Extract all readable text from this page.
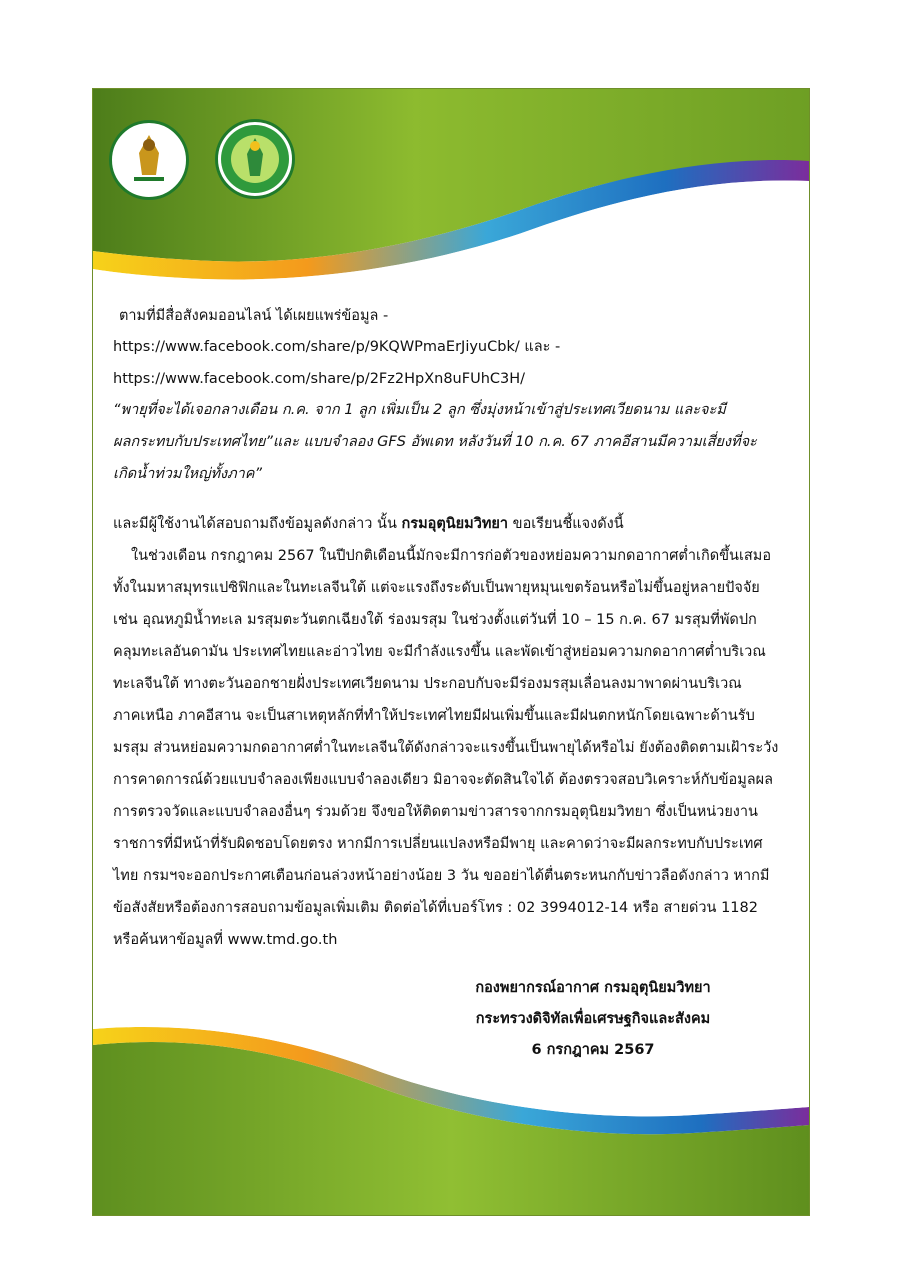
ตามที่มีสื่อสังคมออนไลน์ ได้เผยแพร่ข้อมูล -
https://www.facebook.com/share/p/9KQWPmaErJiyuCbk/ และ -
https://www.facebook.com/share/p/2Fz2HpXn8uFUhC3H/
“พายุที่จะได้เจอกลางเดือน ก.ค. จาก 1 ลูก เพิ่มเป็น 2 ลูก ซึ่งมุ่งหน้าเข้าสู่ประเทศเวียดนาม และจะมี
ผลกระทบกับประเทศไทย”และ แบบจำลอง GFS อัพเดท หลังวันที่ 10 ก.ค. 67 ภาคอีสานมีความเสี่ยงที่จะ
เกิดน้ำท่วมใหญ่ทั้งภาค”
และมีผู้ใช้งานได้สอบถามถึงข้อมูลดังกล่าว นั้น กรมอุตุนิยมวิทยา ขอเรียนชี้แจงดังนี้
ในช่วงเดือน กรกฎาคม 2567 ในปีปกติเดือนนี้มักจะมีการก่อตัวของหย่อมความกดอากาศต่ำเกิดขึ้นเสมอ
ทั้งในมหาสมุทรแปซิฟิกและในทะเลจีนใต้ แต่จะแรงถึงระดับเป็นพายุหมุนเขตร้อนหรือไม่ขึ้นอยู่หลายปัจจัย
เช่น อุณหภูมิน้ำทะเล มรสุมตะวันตกเฉียงใต้ ร่องมรสุม ในช่วงตั้งแต่วันที่ 10 – 15 ก.ค. 67 มรสุมที่พัดปก
คลุมทะเลอันดามัน ประเทศไทยและอ่าวไทย จะมีกำลังแรงขึ้น และพัดเข้าสู่หย่อมความกดอากาศต่ำบริเวณ
ทะเลจีนใต้ ทางตะวันออกชายฝั่งประเทศเวียดนาม ประกอบกับจะมีร่องมรสุมเลื่อนลงมาพาดผ่านบริเวณ
ภาคเหนือ ภาคอีสาน จะเป็นสาเหตุหลักที่ทำให้ประเทศไทยมีฝนเพิ่มขึ้นและมีฝนตกหนักโดยเฉพาะด้านรับ
มรสุม ส่วนหย่อมความกดอากาศต่ำในทะเลจีนใต้ดังกล่าวจะแรงขึ้นเป็นพายุได้หรือไม่ ยังต้องติดตามเฝ้าระวัง
การคาดการณ์ด้วยแบบจำลองเพียงแบบจำลองเดียว มิอาจจะตัดสินใจได้ ต้องตรวจสอบวิเคราะห์กับข้อมูลผล
การตรวจวัดและแบบจำลองอื่นๆ ร่วมด้วย จึงขอให้ติดตามข่าวสารจากกรมอุตุนิยมวิทยา ซึ่งเป็นหน่วยงาน
ราชการที่มีหน้าที่รับผิดชอบโดยตรง หากมีการเปลี่ยนแปลงหรือมีพายุ และคาดว่าจะมีผลกระทบกับประเทศ
ไทย กรมฯจะออกประกาศเตือนก่อนล่วงหน้าอย่างน้อย 3 วัน ขออย่าได้ตื่นตระหนกกับข่าวลือดังกล่าว หากมี
ข้อสังสัยหรือต้องการสอบถามข้อมูลเพิ่มเติม ติดต่อได้ที่เบอร์โทร : 02 3994012-14 หรือ สายด่วน 1182
หรือค้นหาข้อมูลที่ www.tmd.go.th
กองพยากรณ์อากาศ กรมอุตุนิยมวิทยา
กระทรวงดิจิทัลเพื่อเศรษฐกิจและสังคม
6 กรกฎาคม 2567
